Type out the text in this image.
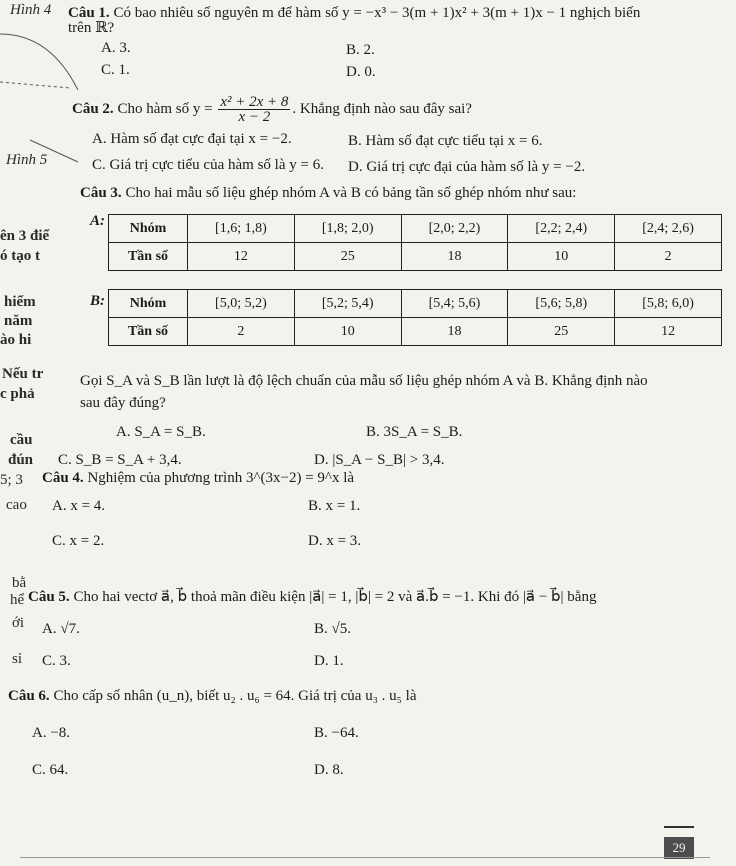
Hình 4
Hình 5
ên 3 điể
ó tạo t
hiểm
năm
ào hi
Nếu tr
c phả
cầu
đún
5; 3
cao
bằ
hể
ới
sỉ
Câu 1. Có bao nhiêu số nguyên m để hàm số y = −x³ − 3(m + 1)x² + 3(m + 1)x − 1 nghịch biến
trên ℝ?
A. 3.	B. 2.
C. 1.	D. 0.
Câu 2. Cho hàm số $y = \frac{\text{x² + 2x + 8}}{x - 2}$ . Khẳng định nào sau đây sai?
A. Hàm số đạt cực đại tại x = −2.	B. Hàm số đạt cực tiểu tại x = 6.
C. Giá trị cực tiểu của hàm số là y = 6. D. Giá trị cực đại của hàm số là y = −2.
Câu 3. Cho hai mẫu số liệu ghép nhóm A và B có bảng tần số ghép nhóm như sau:
A: Nhóm	[1,6; 1,8)	[1,8; 2,0)	[2,0; 2,2)	[2,2; 2,4)	[2,4; 2,6)
Tần số	12	25	18	10	2
B: Nhóm	[5,0; 5,2)	[5,2; 5,4)	[5,4; 5,6)	[5,6; 5,8)	[5,8; 6,0)
Tần số	2	10	18	25	12
Gọi S_A và S_B lần lượt là độ lệch chuẩn của mẫu số liệu ghép nhóm A và B. Khẳng định nào
sau đây đúng?
A. S_A = S_B.	B. 3S_A = S_B.
C. S_B = S_A + 3,4.	D. |S_A − S_B| > 3,4.
Câu 4. Nghiệm của phương trình 3^(3x−2) = 9^x là
A. x = 4.	B. x = 1.
C. x = 2.	D. x = 3.
Câu 5. Cho hai vectơ a⃗, b⃗ thoả mãn điều kiện |a⃗| = 1, |b⃗| = 2 và a⃗.b⃗ = −1. Khi đó |a⃗ − b⃗| bằng
A. √7.	B. √5.
C. 3.	D. 1.
Câu 6. Cho cấp số nhân (u_n), biết u₂ . u₆ = 64. Giá trị của u₃ . u₅ là
A. −8.	B. −64.
C. 64.	D. 8.
29
